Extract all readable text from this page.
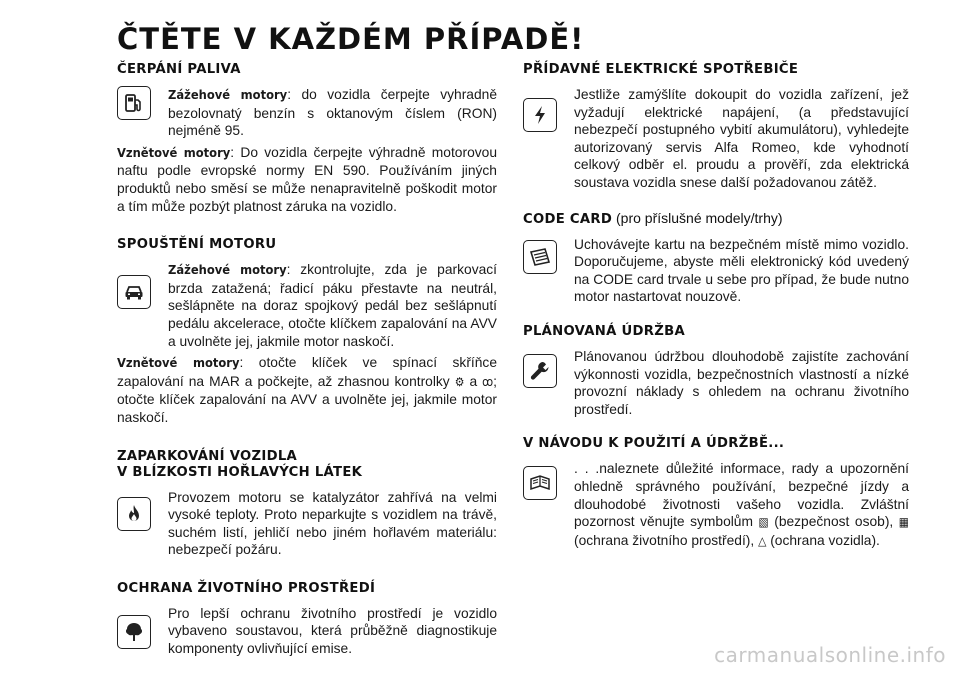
ČTĚTE V KAŽDÉM PŘÍPADĚ!
ČERPÁNÍ PALIVA
Zážehové motory: do vozidla čerpejte vyhradně bezolovnatý benzín s oktanovým číslem (RON) nejméně 95.
Vznětové motory: Do vozidla čerpejte výhradně motorovou naftu podle evropské normy EN 590. Používáním jiných produktů nebo směsí se může nenapravitelně poškodit motor a tím může pozbýt platnost záruka na vozidlo.
SPOUŠTĚNÍ MOTORU
Zážehové motory: zkontrolujte, zda je parkovací brzda zatažená; řadicí páku přestavte na neutrál, sešlápněte na doraz spojkový pedál bez sešlápnutí pedálu akcelerace, otočte klíčkem zapalování na AVV a uvolněte jej, jakmile motor naskočí.
Vznětové motory: otočte klíček ve spínací skříňce zapalování na MAR a počkejte, až zhasnou kontrolky ⚙ a ꝏ; otočte klíček zapalování na AVV a uvolněte jej, jakmile motor naskočí.
ZAPARKOVÁNÍ VOZIDLA
V BLÍZKOSTI HOŘLAVÝCH LÁTEK
Provozem motoru se katalyzátor zahřívá na velmi vysoké teploty. Proto neparkujte s vozidlem na trávě, suchém listí, jehličí nebo jiném hořlavém materiálu: nebezpečí požáru.
OCHRANA ŽIVOTNÍHO PROSTŘEDÍ
Pro lepší ochranu životního prostředí je vozidlo vybaveno soustavou, která průběžně diagnostikuje komponenty ovlivňující emise.
PŘÍDAVNÉ ELEKTRICKÉ SPOTŘEBIČE
Jestliže zamýšlíte dokoupit do vozidla zařízení, jež vyžadují elektrické napájení, (a představující nebezpečí postupného vybití akumulátoru), vyhledejte autorizovaný servis Alfa Romeo, kde vyhodnotí celkový odběr el. proudu a prověří, zda elektrická soustava vozidla snese další požadovanou zátěž.
CODE CARD (pro příslušné modely/trhy)
Uchovávejte kartu na bezpečném místě mimo vozidlo. Doporučujeme, abyste měli elektronický kód uvedený na CODE card trvale u sebe pro případ, že bude nutno motor nastartovat nouzově.
PLÁNOVANÁ ÚDRŽBA
Plánovanou údržbou dlouhodobě zajistíte zachování výkonnosti vozidla, bezpečnostních vlastností a nízké provozní náklady s ohledem na ochranu životního prostředí.
V NÁVODU K POUŽITÍ A ÚDRŽBĚ...
. . .naleznete důležité informace, rady a upozornění ohledně správného používání, bezpečné jízdy a dlouhodobé životnosti vašeho vozidla. Zvláštní pozornost věnujte symbolům ▧ (bezpečnost osob), ▦ (ochrana životního prostředí), △ (ochrana vozidla).
carmanualsonline.info
